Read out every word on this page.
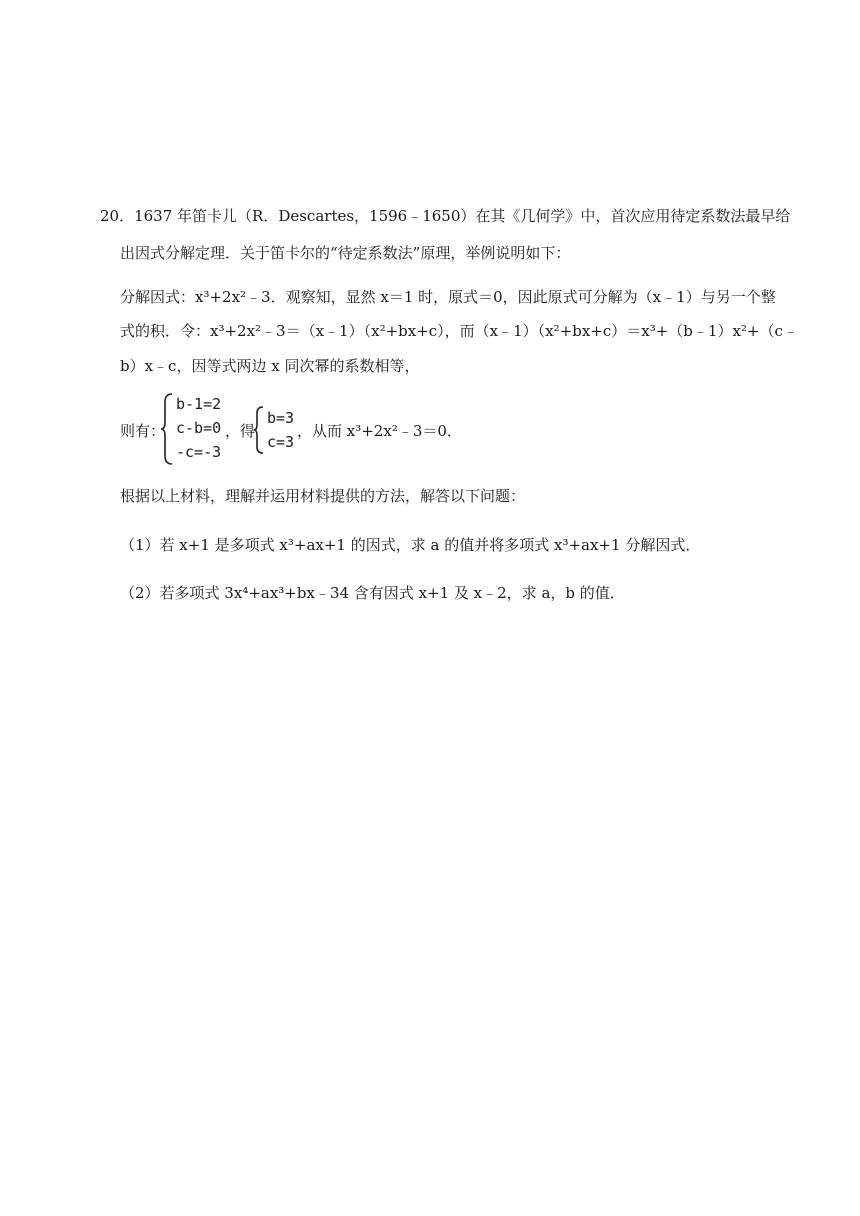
20．1637 年笛卡儿（R．Descartes，1596﹣1650）在其《几何学》中，首次应用待定系数法最早给
出因式分解定理．关于笛卡尔的“待定系数法”原理，举例说明如下：
分解因式：x³+2x²﹣3．观察知，显然 x＝1 时，原式＝0，因此原式可分解为（x﹣1）与另一个整
式的积．令：x³+2x²﹣3＝（x﹣1）（x²+bx+c），而（x﹣1）（x²+bx+c）＝x³+（b﹣1）x²+（c﹣
b）x﹣c，因等式两边 x 同次幂的系数相等，
则有：
b-1=2
c-b=0
-c=-3
，得
b=3
c=3
，从而 x³+2x²﹣3＝0．
根据以上材料，理解并运用材料提供的方法，解答以下问题：
（1）若 x+1 是多项式 x³+ax+1 的因式，求 a 的值并将多项式 x³+ax+1 分解因式．
（2）若多项式 3x⁴+ax³+bx﹣34 含有因式 x+1 及 x﹣2，求 a，b 的值．
